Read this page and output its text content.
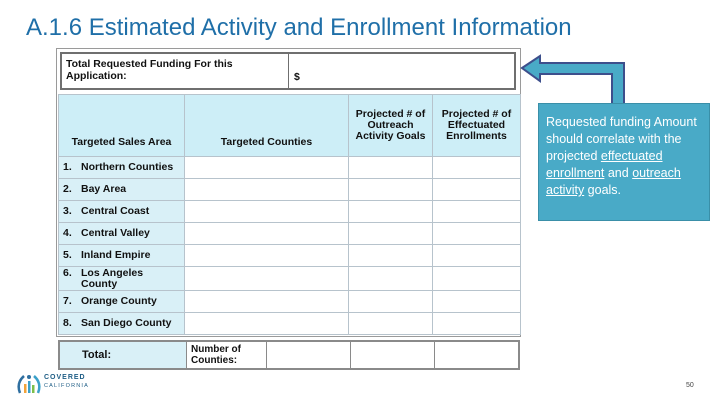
A.1.6 Estimated Activity and Enrollment Information
Total Requested Funding For this Application:	$
Targeted Sales Area	Targeted Counties	Projected # of Outreach Activity Goals	Projected # of Effectuated Enrollments
1. Northern Counties			
2. Bay Area			
3. Central Coast			
4. Central Valley			
5. Inland Empire			
6. Los Angeles County			
7. Orange County			
8. San Diego County			
Total:	Number of Counties:
Requested funding Amount should correlate with the projected effectuated enrollment and outreach activity goals.
COVERED
CALIFORNIA	50
